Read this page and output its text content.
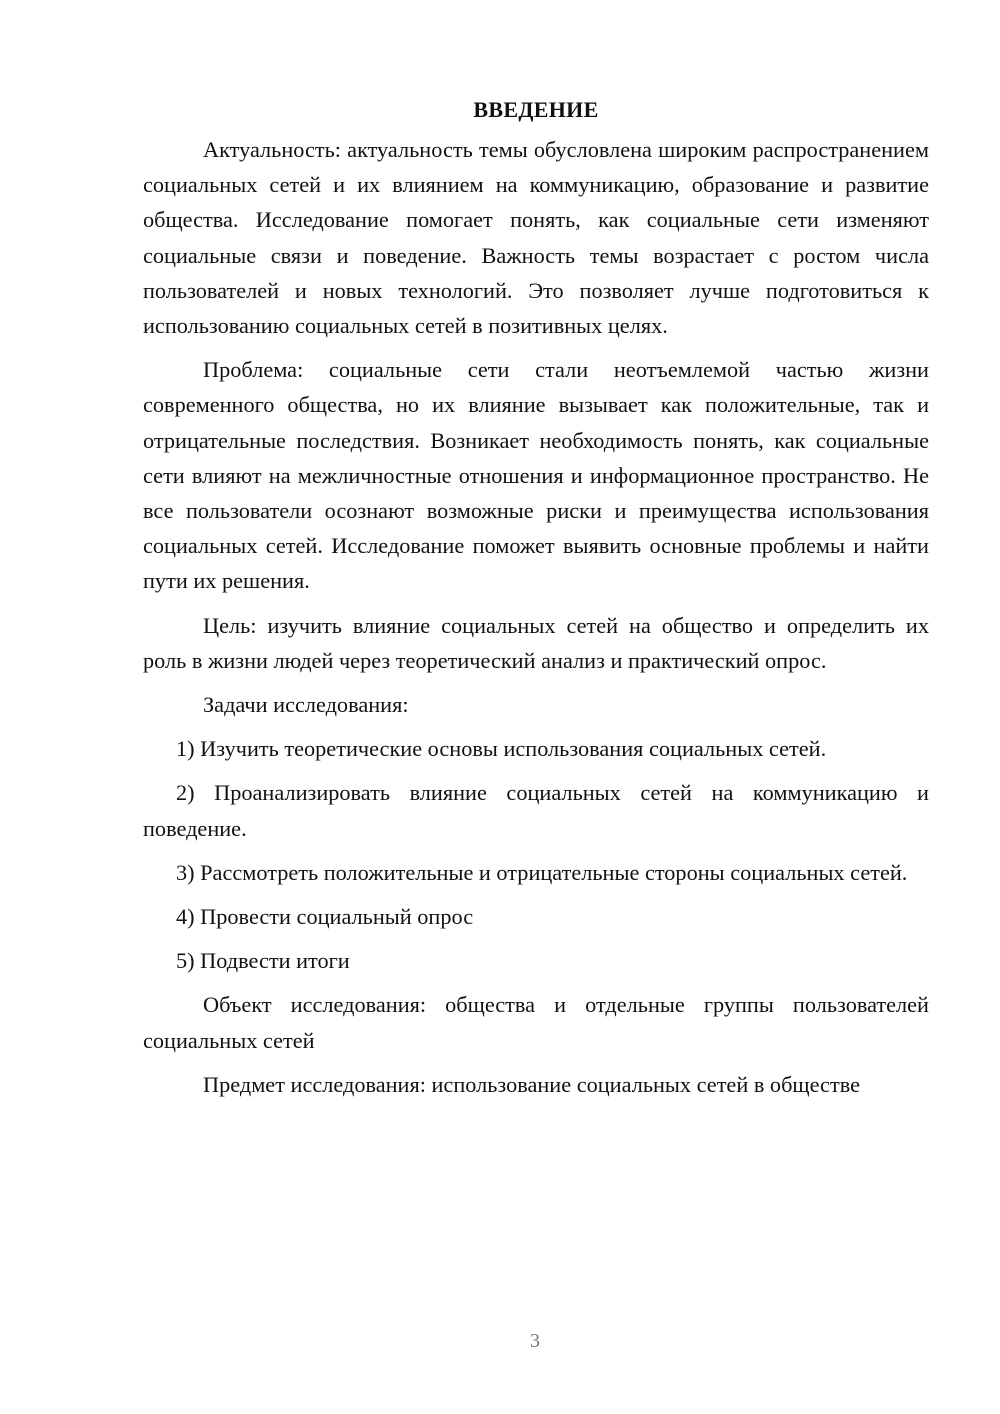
ВВЕДЕНИЕ

Актуальность: актуальность темы обусловлена широким распространением социальных сетей и их влиянием на коммуникацию, образование и развитие общества. Исследование помогает понять, как социальные сети изменяют социальные связи и поведение. Важность темы возрастает с ростом числа пользователей и новых технологий. Это позволяет лучше подготовиться к использованию социальных сетей в позитивных целях.

Проблема: социальные сети стали неотъемлемой частью жизни современного общества, но их влияние вызывает как положительные, так и отрицательные последствия. Возникает необходимость понять, как социальные сети влияют на межличностные отношения и информационное пространство. Не все пользователи осознают возможные риски и преимущества использования социальных сетей. Исследование поможет выявить основные проблемы и найти пути их решения.

Цель: изучить влияние социальных сетей на общество и определить их роль в жизни людей через теоретический анализ и практический опрос.

Задачи исследования:

1) Изучить теоретические основы использования социальных сетей.

2) Проанализировать влияние социальных сетей на коммуникацию и поведение.

3) Рассмотреть положительные и отрицательные стороны социальных сетей.

4) Провести социальный опрос

5) Подвести итоги

Объект исследования: общества и отдельные группы пользователей социальных сетей

Предмет исследования: использование социальных сетей в обществе

3
